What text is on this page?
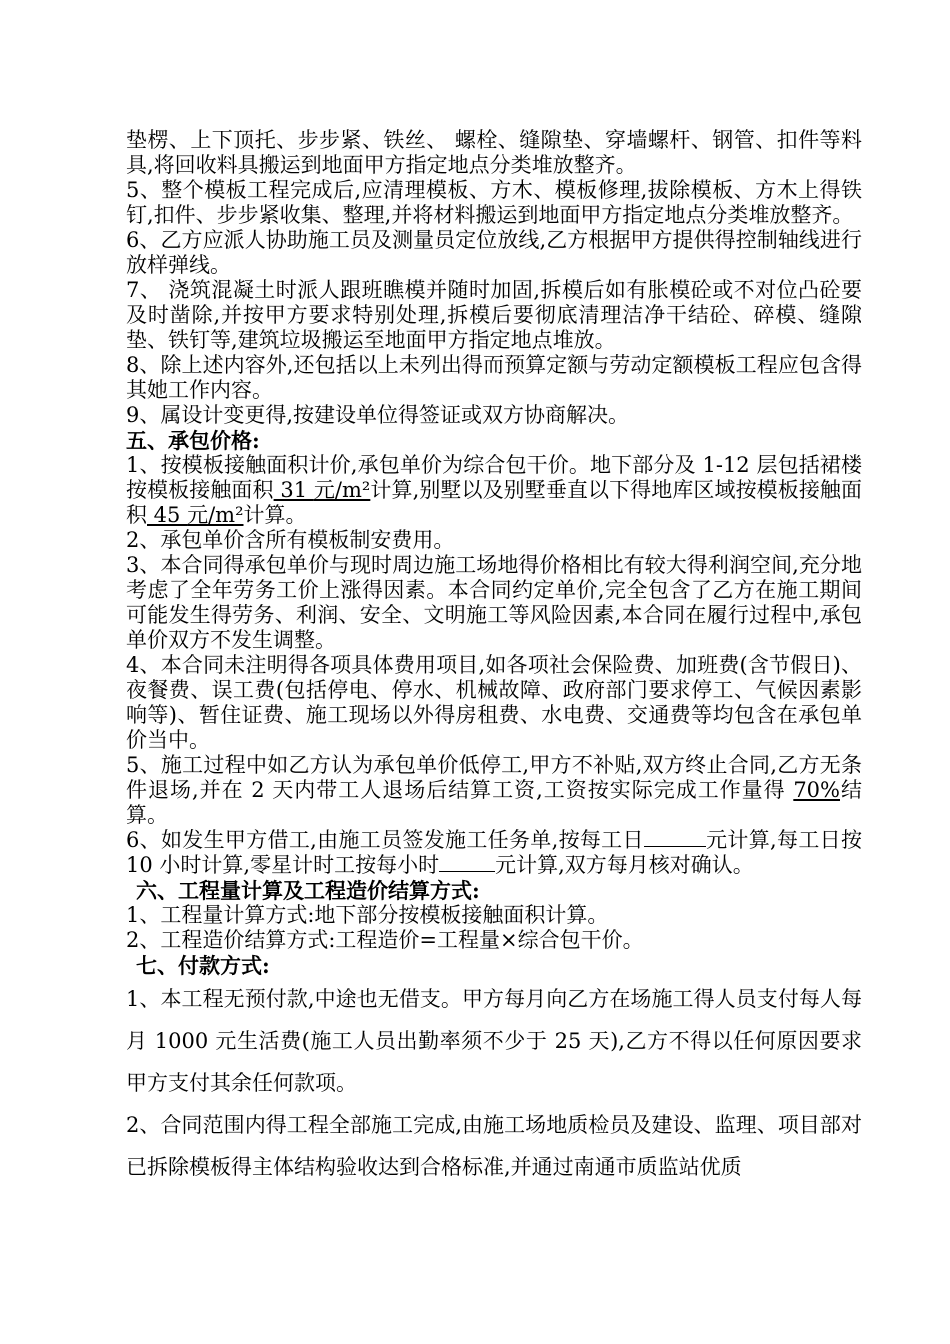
垫楞、上下顶托、步步紧、铁丝、 螺栓、缝隙垫、穿墙螺杆、钢管、扣件等料具,将回收料具搬运到地面甲方指定地点分类堆放整齐。

5、整个模板工程完成后,应清理模板、方木、模板修理,拔除模板、方木上得铁钉,扣件、步步紧收集、整理,并将材料搬运到地面甲方指定地点分类堆放整齐。

6、乙方应派人协助施工员及测量员定位放线,乙方根据甲方提供得控制轴线进行放样弹线。

7、 浇筑混凝土时派人跟班瞧模并随时加固,拆模后如有胀模砼或不对位凸砼要及时凿除,并按甲方要求特别处理,拆模后要彻底清理洁净干结砼、碎模、缝隙垫、铁钉等,建筑垃圾搬运至地面甲方指定地点堆放。

8、除上述内容外,还包括以上未列出得而预算定额与劳动定额模板工程应包含得其她工作内容。

9、属设计变更得,按建设单位得签证或双方协商解决。

五、承包价格:

1、按模板接触面积计价,承包单价为综合包干价。地下部分及 1-12 层包括裙楼按模板接触面积 31 元/m²计算,别墅以及别墅垂直以下得地库区域按模板接触面积 45 元/m²计算。

2、承包单价含所有模板制安费用。

3、本合同得承包单价与现时周边施工场地得价格相比有较大得利润空间,充分地考虑了全年劳务工价上涨得因素。本合同约定单价,完全包含了乙方在施工期间可能发生得劳务、利润、安全、文明施工等风险因素,本合同在履行过程中,承包单价双方不发生调整。

4、本合同未注明得各项具体费用项目,如各项社会保险费、加班费(含节假日)、夜餐费、误工费(包括停电、停水、机械故障、政府部门要求停工、气候因素影响等)、暂住证费、施工现场以外得房租费、水电费、交通费等均包含在承包单价当中。

5、施工过程中如乙方认为承包单价低停工,甲方不补贴,双方终止合同,乙方无条件退场,并在 2 天内带工人退场后结算工资,工资按实际完成工作量得 70%结算。

6、如发生甲方借工,由施工员签发施工任务单,按每工日	元计算,每工日按 10 小时计算,零星计时工按每小时	元计算,双方每月核对确认。

六、工程量计算及工程造价结算方式:

1、工程量计算方式:地下部分按模板接触面积计算。

2、工程造价结算方式:工程造价=工程量×综合包干价。

七、付款方式:

1、本工程无预付款,中途也无借支。甲方每月向乙方在场施工得人员支付每人每月 1000 元生活费(施工人员出勤率须不少于 25 天),乙方不得以任何原因要求甲方支付其余任何款项。

2、合同范围内得工程全部施工完成,由施工场地质检员及建设、监理、项目部对已拆除模板得主体结构验收达到合格标准,并通过南通市质监站优质
